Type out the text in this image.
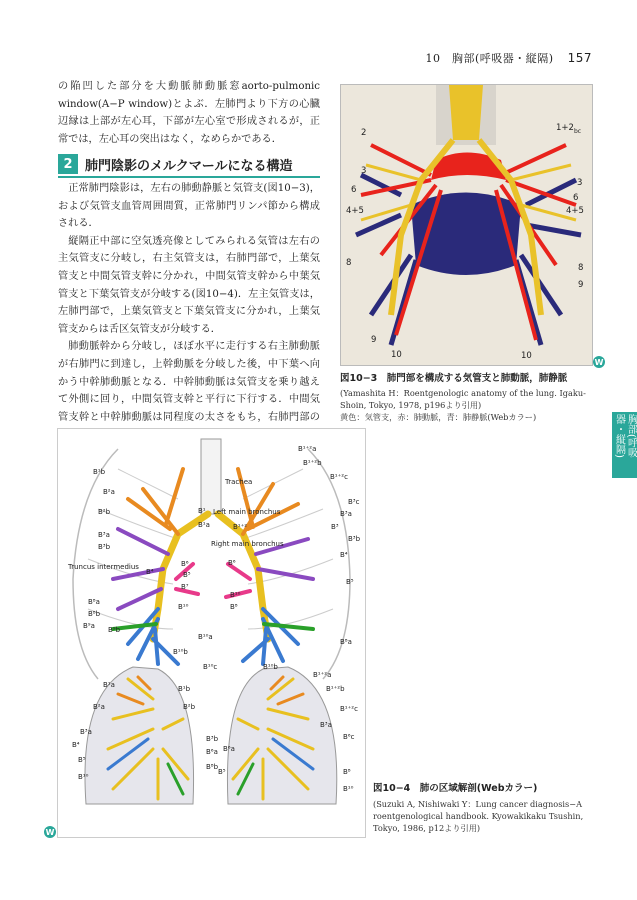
10　胸部(呼吸器・縦隔) 157

の陥凹した部分を大動脈肺動脈窓aorto-pulmonic window(A−P window)とよぶ．左肺門より下方の心臓辺縁は上部が左心耳，下部が左心室で形成されるが，正常では，左心耳の突出はなく，なめらかである．

2 肺門陰影のメルクマールになる構造

正常肺門陰影は，左右の肺動静脈と気管支(図10−3)，および気管支血管周囲間質，正常肺門リンパ節から構成される．

縦隔正中部に空気透亮像としてみられる気管は左右の主気管支に分岐し，右主気管支は，右肺門部で，上葉気管支と中間気管支幹に分かれ，中間気管支幹から中葉気管支と下葉気管支が分岐する(図10−4)．左主気管支は，左肺門部で，上葉気管支と下葉気管支に分かれ，上葉気管支からは舌区気管支が分岐する．

肺動脈幹から分岐し，ほぼ水平に走行する右主肺動脈が右肺門に到達し，上幹動脈を分岐した後，中下葉へ向かう中幹肺動脈となる．中幹肺動脈は気管支を乗り越えて外側に回り，中間気管支幹と平行に下行する．中間気管支幹と中幹肺動脈は同程度の太さをもち，右肺門部の

2
3
6
4+5
8
9
10
1+2 bc
3
6
4+5
8
9
10
W
図10−3　肺門部を構成する気管支と肺動脈，肺静脈
(Yamashita H：Roentgenologic anatomy of the lung. Igaku-Shoin, Tokyo, 1978, p196より引用)
黄色：気管支，赤：肺動脈，青：肺静脈(Webカラー)	胸部(呼吸器・縦隔)
B¹b
B²a
B²b
B³a
B³b
Truncus intermedius
B⁸a
B⁸b
B⁹a B⁹b
B¹⁰b
B¹⁰c
B¹⁰a
B¹⁰
B⁷
B⁶
B⁵
B⁴
B¹a
B¹
Trachea
Left main bronchus
Right main bronchus
B¹⁺²a
B¹⁺²b
B¹⁺²c
B³c
B³a
B³
B³b
B⁴
B⁵
B⁸a
B¹⁰b
B⁸
B¹⁰
B⁶
B¹⁺²
B¹a	B¹b
B²a	B²b
B³a
B³b
B⁴
B⁵
B⁶a
B⁸b
B¹⁰
B¹⁺²a
B¹⁺²b
B¹⁺²c
B³a
B⁶c
B⁸
B¹⁰
B⁶a
B⁵
W
図10−4　肺の区域解剖(Webカラー)
(Suzuki A, Nishiwaki Y：Lung cancer diagnosis−A roentgenological handbook. Kyowakikaku Tsushin, Tokyo, 1986, p12より引用)
